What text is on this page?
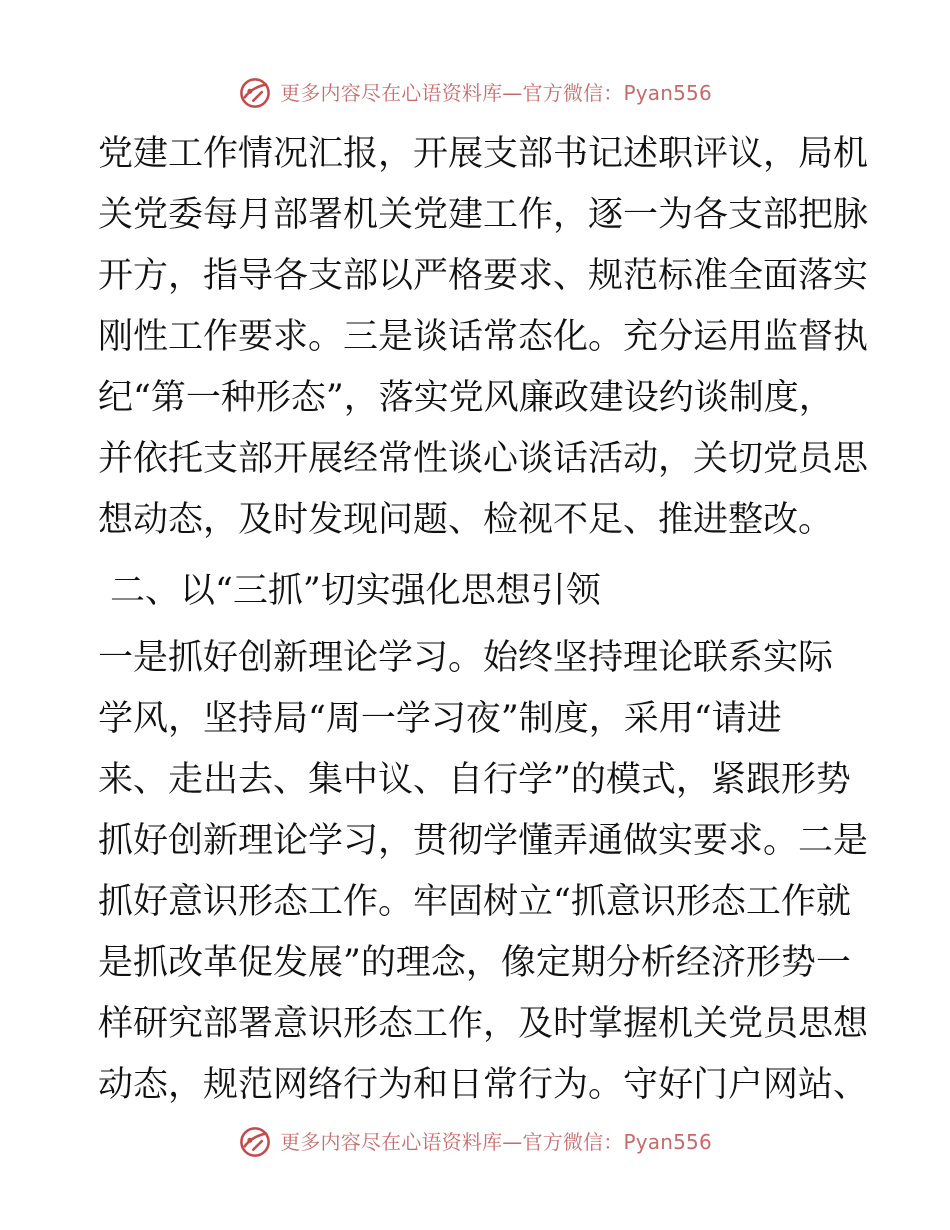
更多内容尽在心语资料库—官方微信：Pyan556
党建工作情况汇报，开展支部书记述职评议，局机
关党委每月部署机关党建工作，逐一为各支部把脉
开方，指导各支部以严格要求、规范标准全面落实
刚性工作要求。三是谈话常态化。充分运用监督执
纪“第一种形态”，落实党风廉政建设约谈制度，
并依托支部开展经常性谈心谈话活动，关切党员思
想动态，及时发现问题、检视不足、推进整改。
二、以“三抓”切实强化思想引领
一是抓好创新理论学习。始终坚持理论联系实际
学风，坚持局“周一学习夜”制度，采用“请进
来、走出去、集中议、自行学”的模式，紧跟形势
抓好创新理论学习，贯彻学懂弄通做实要求。二是
抓好意识形态工作。牢固树立“抓意识形态工作就
是抓改革促发展”的理念，像定期分析经济形势一
样研究部署意识形态工作，及时掌握机关党员思想
动态，规范网络行为和日常行为。守好门户网站、
更多内容尽在心语资料库—官方微信：Pyan556
